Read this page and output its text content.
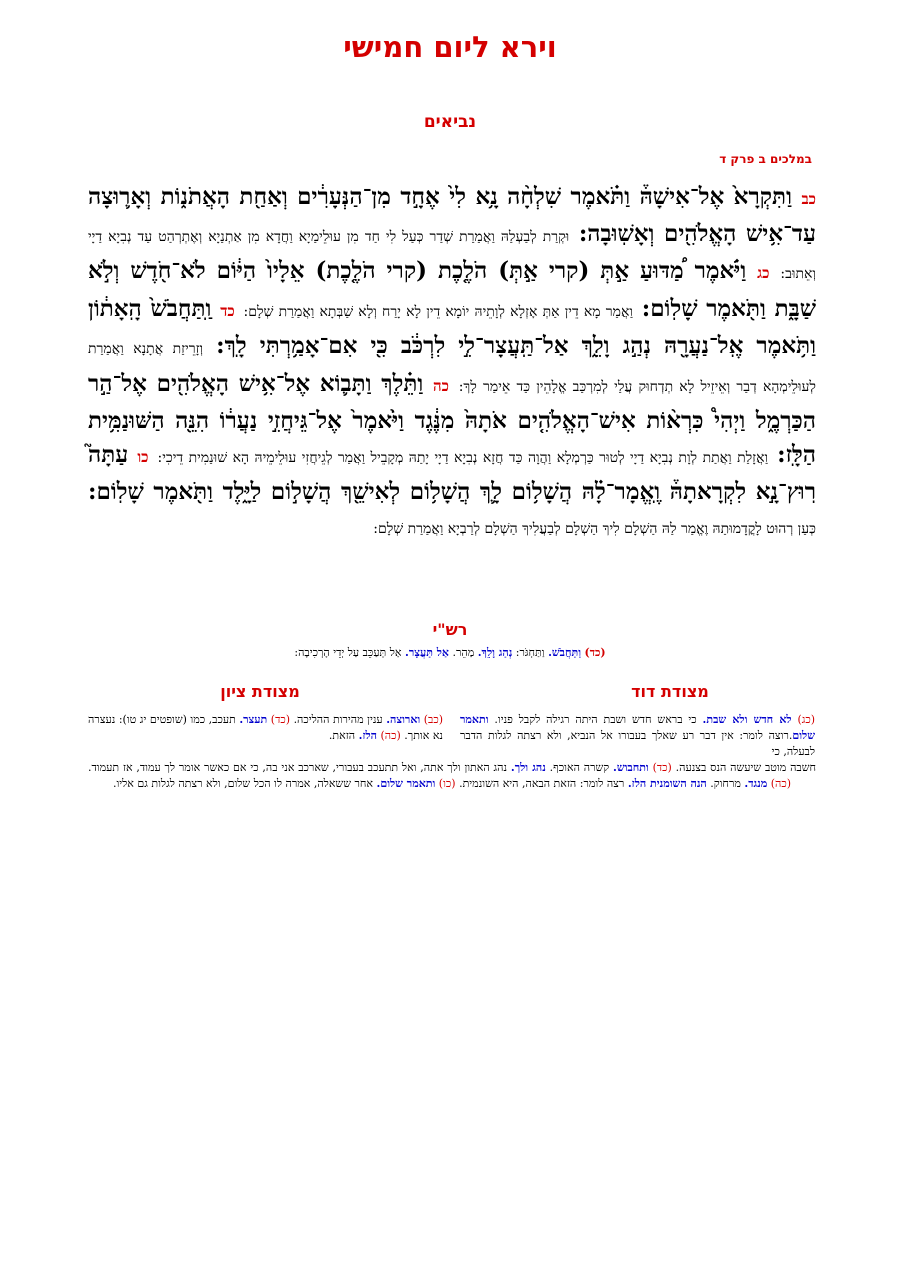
וירא ליום חמישי
נביאים
במלכים ב פרק ד
כב וַתִּקְרָא֙ אֶל־אִישָׁהּ֒ וַתֹּ֗אמֶר שִׁלְחָ֨ה נָ֥א לִי֙ אֶחָ֣ד מִן־הַנְּעָרִ֔ים וְאַחַ֖ת הָאֲתֹנ֑וֹת וְאָר֛וּצָה עַד־אִ֥ישׁ הָאֱלֹהִ֖ים וְאָשֽׁוּבָה: וּקְרַת לְבַעְלַהּ וַאֲמַרַת שְׁדַר כְּעַל לִי חַד מִן עוּלֵימַיָא וַחֲדָא מִן אַתְנַיָא וְאֶתְרְהַט עַד נְבִיָא דַיָי וְאֵתוּב: כג וַיֹּ֗אמֶר מַ֠דּוּעַ אַ֣תְּ (קרי אַ֣תְּ) הֹלֶ֤כֶת (קרי הֹלֶ֤כֶת) אֵלָיו֙ הַיּ֔וֹם לֹא־חֹ֖דֶשׁ וְלֹ֣א שַׁבָּ֑ת וַתֹּ֖אמֶר שָׁלֽוֹם: וַאֲמַר מָא דֵין אַתְּ אָזְלָא לְוָתֵיהּ יוֹמָא דֵין לָא יָרַח וְלָא שַׁבְּתָא וַאֲמַרַת שְׁלָם: כד וַֽתַּחֲבֹשׁ֙ הָֽאָת֔וֹן וַתֹּ֥אמֶר אֶֽל־נַעֲרָ֖הּ נְהַ֣ג וָלֵ֑ךְ אַל־תַּֽעֲצָר־לִ֣י לִרְכֹּ֔ב כִּ֖י אִם־אָמַ֥רְתִּי לָֽךְ: וְזָרֵיזַת אֲתָנָא וַאֲמַרַת לְעוּלֵימְהָא דְבַר וְאֵיזֵיל לָא תְדְחוּק עֲלַי לְמִרְכַּב אֱלָהֵין כַּד אֵימַר לָךְ: כה וַתֵּ֗לֶךְ וַתָּב֛וֹא אֶל־אִ֥ישׁ הָאֱלֹהִ֖ים אֶל־הַ֣ר הַכַּרְמֶ֑ל וַיְהִי֩ כִּרְא֨וֹת אִישׁ־הָאֱלֹהִ֤ים אֹתָהּ֙ מִנֶּ֔גֶד וַיֹּ֙אמֶר֙ אֶל־גֵּיחֲזִ֣י נַעֲר֔וֹ הִנֵּ֖ה הַשּׁוּנַמִּ֥ית הַלָּֽז: וַאֲזָלַת וַאֲתַת לְוָת נְבִיָא דַיָי לְטוּר כַּרְמְלָא וַהֲוָה כַּד חֲזָא נְבִיָא דַיָי יָתַהּ מְקָבֵיל וַאֲמַר לְגֵיחֲזִי עוּלֵימֵיהּ הָא שׁוּנַמִית דֵיכִי: כו עַתָּה֮ רֽוּץ־נָ֣א לִקְרָאתָהּ֒ וֶֽאֱמָר־לָ֗הּ הֲשָׁל֥וֹם לָ֛ךְ הֲשָׁל֥וֹם לְאִישֵׁ֖ךְ הֲשָׁל֣וֹם לַיָּ֑לֶד וַתֹּ֖אמֶר שָׁלֽוֹם: כְּעַן רְהוּט לָקֳדָמוּתַהּ וֶאֱמַר לַהּ הַשְׁלָם לִיךְ הַשְׁלָם לְבַעֲלִיךְ הַשְׁלָם לְרַבְיָא וַאֲמַרַת שְׁלָם:
רש"י
(כד) וַתַּחֲבֹשׁ. וַתַּחְגֹּר: נְהַג וָלֵךְ. מַהֵר. אַל תַּעֲצָר. אַל תְּעַכֵּב עַל יְדֵי הָרְכִיבָה:
מצודת דוד
מצודת ציון
(כג) לא חדש ולא שבת. כי בראש חדש ושבת היתה רגילה לקבל פניו. ותאמר שלום.רוצה לומר: אין דבר רע שאלך בעבורו אל הנביא, ולא רצתה לגלות הדבר לבעלה, כי
(כב) וארוצה. ענין מהירות ההליכה. (כד) תעצר. תעכב, כמו (שופטים יג טו): נעצרה נא אותך. (כה) הלז. הזאת.
חשבה מוטב שיעשה הנס בצנעה. (כד) ותחבוש. קשרה האוכף. נהג ולך. נהג האתון ולך אתה, ואל תתעכב בעבורי, שארכב אני בה, כי אם כאשר אומר לך עמוד, אז תעמוד. (כה) מנגד. מרחוק. הנה השומנית הלז. רצה לומר: הזאת הבאה, היא השונמית. (כו) ותאמר שלום. אחר ששאלה, אמרה לו הכל שלום, ולא רצתה לגלות גם אליו.
